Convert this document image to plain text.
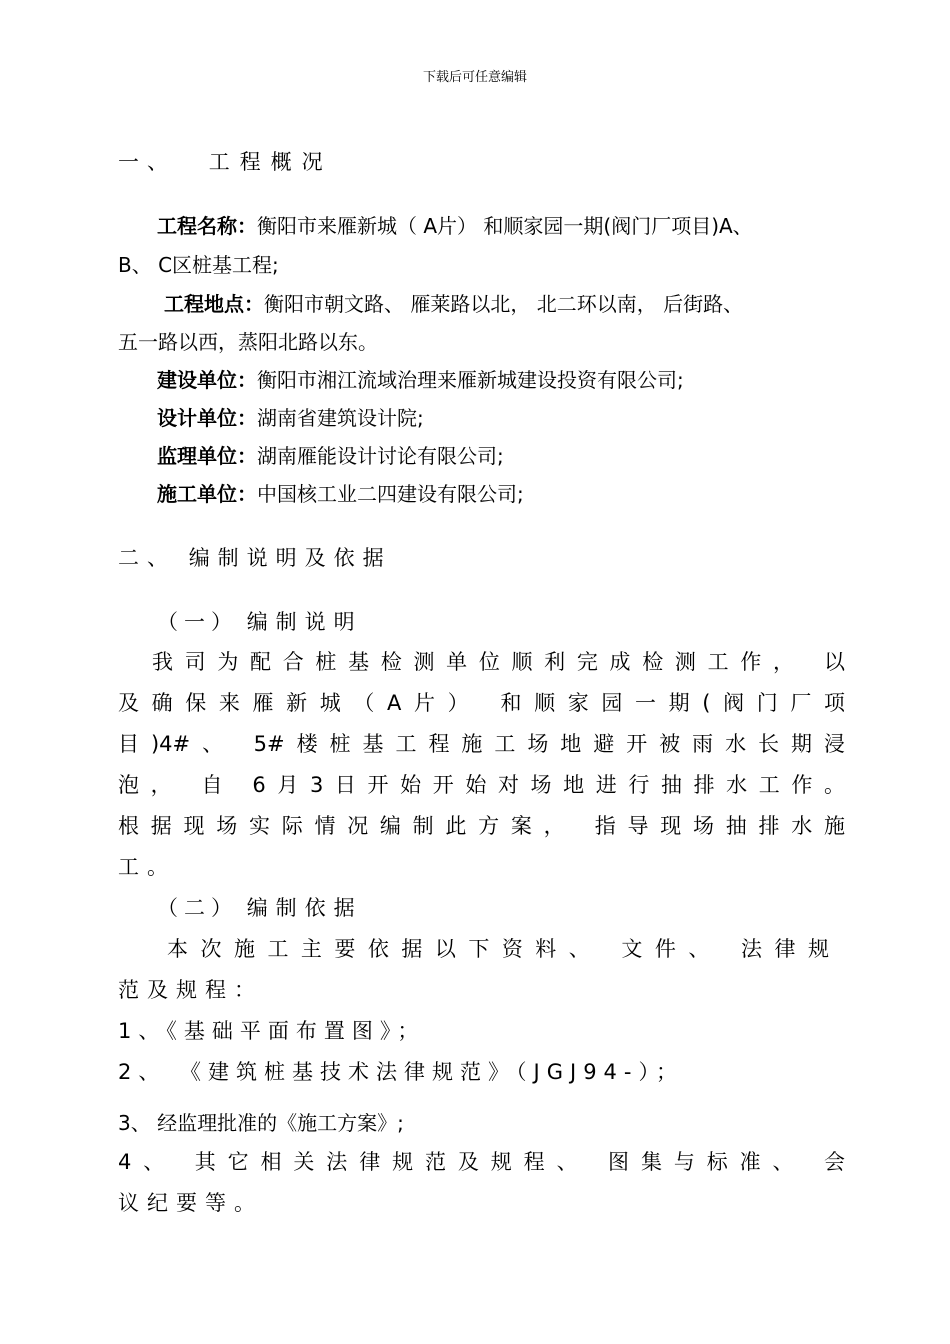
下载后可任意编辑
一、 工程概况
工程名称：衡阳市来雁新城（ A片） 和顺家园一期(阀门厂项目)A、
B、 C区桩基工程;
工程地点：衡阳市朝文路、 雁莱路以北， 北二环以南， 后街路、
五一路以西，蒸阳北路以东。
建设单位：衡阳市湘江流域治理来雁新城建设投资有限公司;
设计单位：湖南省建筑设计院;
监理单位：湖南雁能设计讨论有限公司;
施工单位：中国核工业二四建设有限公司;
二、 编制说明及依据
（一） 编制说明
我司为配合桩基检测单位顺利完成检测工作， 以
及确保来雁新城（A片） 和顺家园一期(阀门厂项
目)4#、 5#楼桩基工程施工场地避开被雨水长期浸
泡， 自 6月3日开始开始对场地进行抽排水工作。
根据现场实际情况编制此方案， 指导现场抽排水施
工。
（二） 编制依据
本次施工主要依据以下资料、 文件、 法律规
范及规程：
1、《基础平面布置图》；
2、 《建筑桩基技术法律规范》（JGJ94-）；
3、 经监理批准的《施工方案》;
4、 其它相关法律规范及规程、 图集与标准、 会
议纪要等。
